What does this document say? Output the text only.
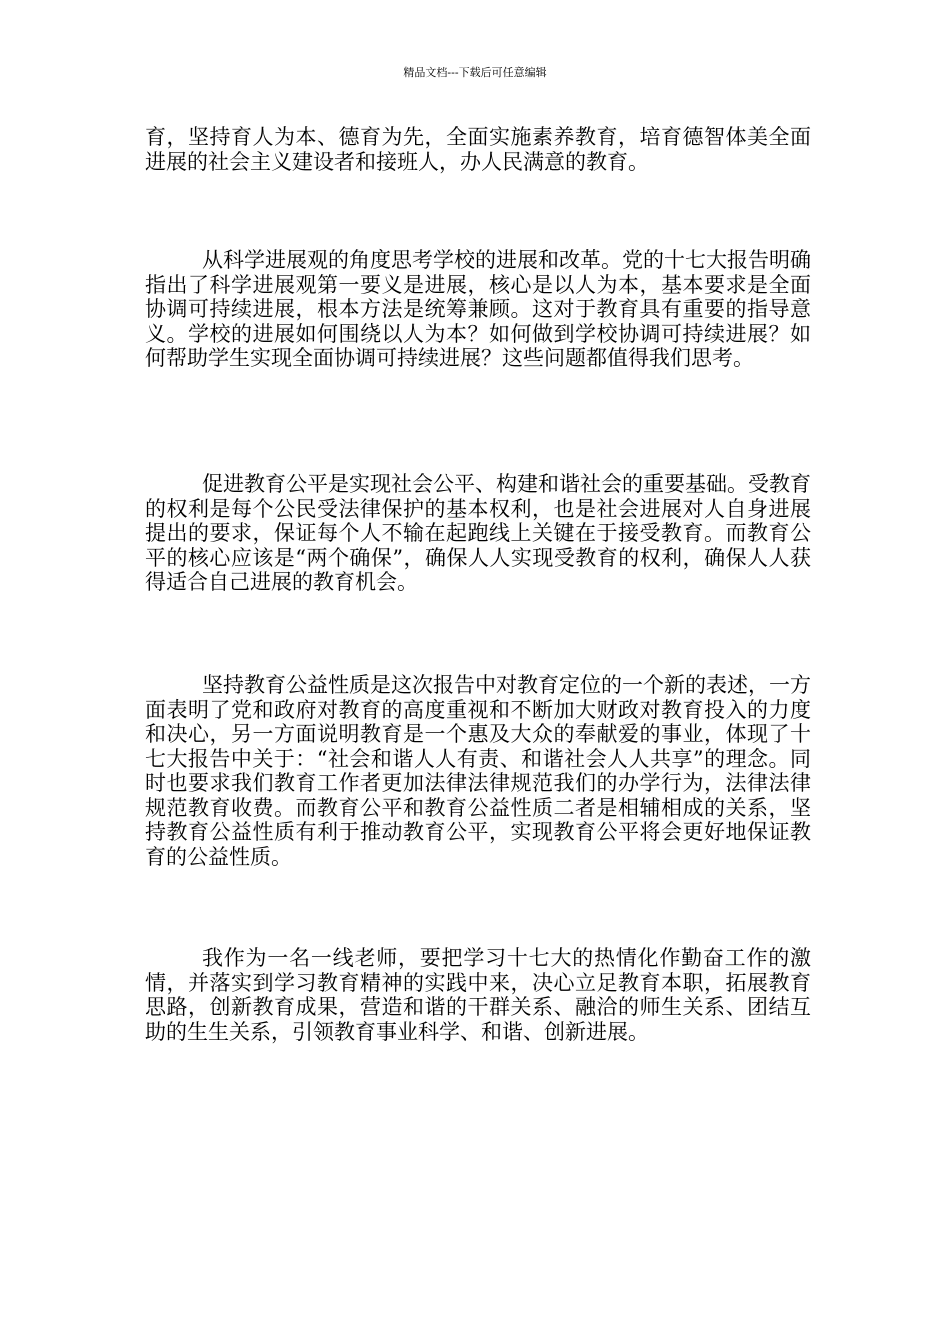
精品文档---下载后可任意编辑

育，坚持育人为本、德育为先，全面实施素养教育，培育德智体美全面进展的社会主义建设者和接班人，办人民满意的教育。

从科学进展观的角度思考学校的进展和改革。党的十七大报告明确指出了科学进展观第一要义是进展，核心是以人为本，基本要求是全面协调可持续进展，根本方法是统筹兼顾。这对于教育具有重要的指导意义。学校的进展如何围绕以人为本？如何做到学校协调可持续进展？如何帮助学生实现全面协调可持续进展？这些问题都值得我们思考。

促进教育公平是实现社会公平、构建和谐社会的重要基础。受教育的权利是每个公民受法律保护的基本权利，也是社会进展对人自身进展提出的要求，保证每个人不输在起跑线上关键在于接受教育。而教育公平的核心应该是“两个确保”，确保人人实现受教育的权利，确保人人获得适合自己进展的教育机会。

坚持教育公益性质是这次报告中对教育定位的一个新的表述，一方面表明了党和政府对教育的高度重视和不断加大财政对教育投入的力度和决心，另一方面说明教育是一个惠及大众的奉献爱的事业，体现了十七大报告中关于：“社会和谐人人有责、和谐社会人人共享”的理念。同时也要求我们教育工作者更加法律法律规范我们的办学行为，法律法律规范教育收费。而教育公平和教育公益性质二者是相辅相成的关系，坚持教育公益性质有利于推动教育公平，实现教育公平将会更好地保证教育的公益性质。

我作为一名一线老师，要把学习十七大的热情化作勤奋工作的激情，并落实到学习教育精神的实践中来，决心立足教育本职，拓展教育思路，创新教育成果，营造和谐的干群关系、融洽的师生关系、团结互助的生生关系，引领教育事业科学、和谐、创新进展。
